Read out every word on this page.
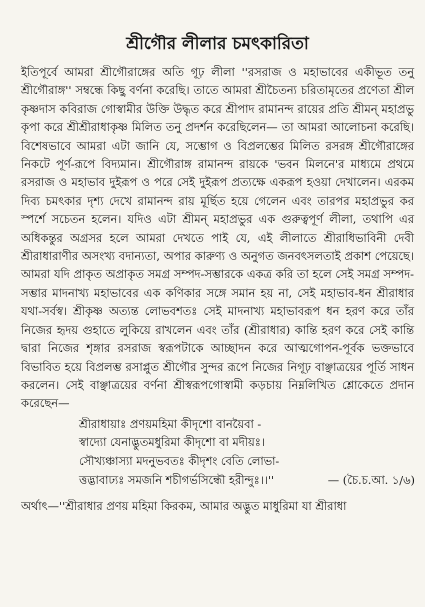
শ্রীগৌর লীলার চমৎকারিতা

ইতিপূর্বে আমরা শ্রীগৌরাঙ্গের অতি গূঢ় লীলা ''রসরাজ ও মহাভাবের একীভূত তনু শ্রীগৌরাঙ্গ'' সম্বন্ধে কিছু বর্ণনা করেছি। তাতে আমরা শ্রীচৈতন্য চরিতামৃতের প্রণেতা শ্রীল কৃষ্ণদাস কবিরাজ গোস্বামীর উক্তি উদ্ধৃত করে শ্রীপাদ রামানন্দ রায়ের প্রতি শ্রীমন্ মহাপ্রভু কৃপা করে শ্রীশ্রীরাধাকৃষ্ণ মিলিত তনু প্রদর্শন করেছিলেন— তা আমরা আলোচনা করেছি। বিশেষভাবে আমরা এটা জানি যে, সম্ভোগ ও বিপ্রলম্ভের মিলিত রসরঙ্গ শ্রীগৌরাঙ্গের নিকটে পূর্ণ-রূপে বিদ্যমান। শ্রীগৌরাঙ্গ রামানন্দ রায়কে 'ভবন মিলনে'র মাধ্যমে প্রথমে রসরাজ ও মহাভাব দুইরূপ ও পরে সেই দুইরূপ প্রত্যক্ষে একরূপ হওয়া দেখালেন। এরকম দিব্য চমৎকার দৃশ্য দেখে রামানন্দ রায় মূর্ছিত হয়ে গেলেন এবং তারপর মহাপ্রভুর কর স্পর্শে সচেতন হলেন। যদিও এটা শ্রীমন্ মহাপ্রভুর এক গুরুত্বপূর্ণ লীলা, তথাপি এর অধিকন্তুর অগ্রসর হলে আমরা দেখতে পাই যে, এই লীলাতে শ্রীরাধিভাবিনী দেবী শ্রীরাধারাণীর অসংখ্য বদান্যতা, অপার কারুণ্য ও অনুগত জনবৎসলতাই প্রকাশ পেয়েছে। আমরা যদি প্রাকৃত অপ্রাকৃত সমগ্র সম্পদ-সম্ভারকে একত্র করি তা হলে সেই সমগ্র সম্পদ-সম্ভার মাদনাখ্য মহাভাবের এক কণিকার সঙ্গে সমান হয় না, সেই মহাভাব-ধন শ্রীরাধার যথা-সর্বস্ব। শ্রীকৃষ্ণ অত্যন্ত লোভবশতঃ সেই মাদনাখ্য মহাভাবরূপ ধন হরণ করে তাঁর নিজের হৃদয় গুহাতে লুকিয়ে রাখলেন এবং তাঁর (শ্রীরাধার) কান্তি হরণ করে সেই কান্তি দ্বারা নিজের শৃঙ্গার রসরাজ স্বরূপটাকে আচ্ছাদন করে আত্মগোপন-পূর্বক ভক্তভাবে বিভাবিত হয়ে বিপ্রলম্ভ রসাপ্লুত শ্রীগৌর সুন্দর রূপে নিজের নিগূঢ় বাঞ্ছাত্রয়ের পূর্তি সাধন করলেন। সেই বাঞ্ছাত্রয়ের বর্ণনা শ্রীস্বরূপগোস্বামী কড়চায় নিম্নলিখিত শ্লোকেতে প্রদান করেছেন—

শ্রীরাধায়াঃ প্রণয়মহিমা কীদৃশো বানয়ৈবা -
স্বাদ্যো যেনাদ্ভুতমধুরিমা কীদৃশো বা মদীয়ঃ।
সৌখ্যঞ্চাস্যা মদনুভবতঃ কীদৃশং বেতি লোভা-
ত্তদ্ভাবাঢ্যঃ সমজনি শচীগর্ভসিন্ধৌ হরীন্দুঃ।।''	— (চৈ.চ.আ. ১/৬)
অর্থাৎ—''শ্রীরাধার প্রণয় মহিমা কিরকম, আমার অদ্ভুত মাধুরিমা যা শ্রীরাধা
